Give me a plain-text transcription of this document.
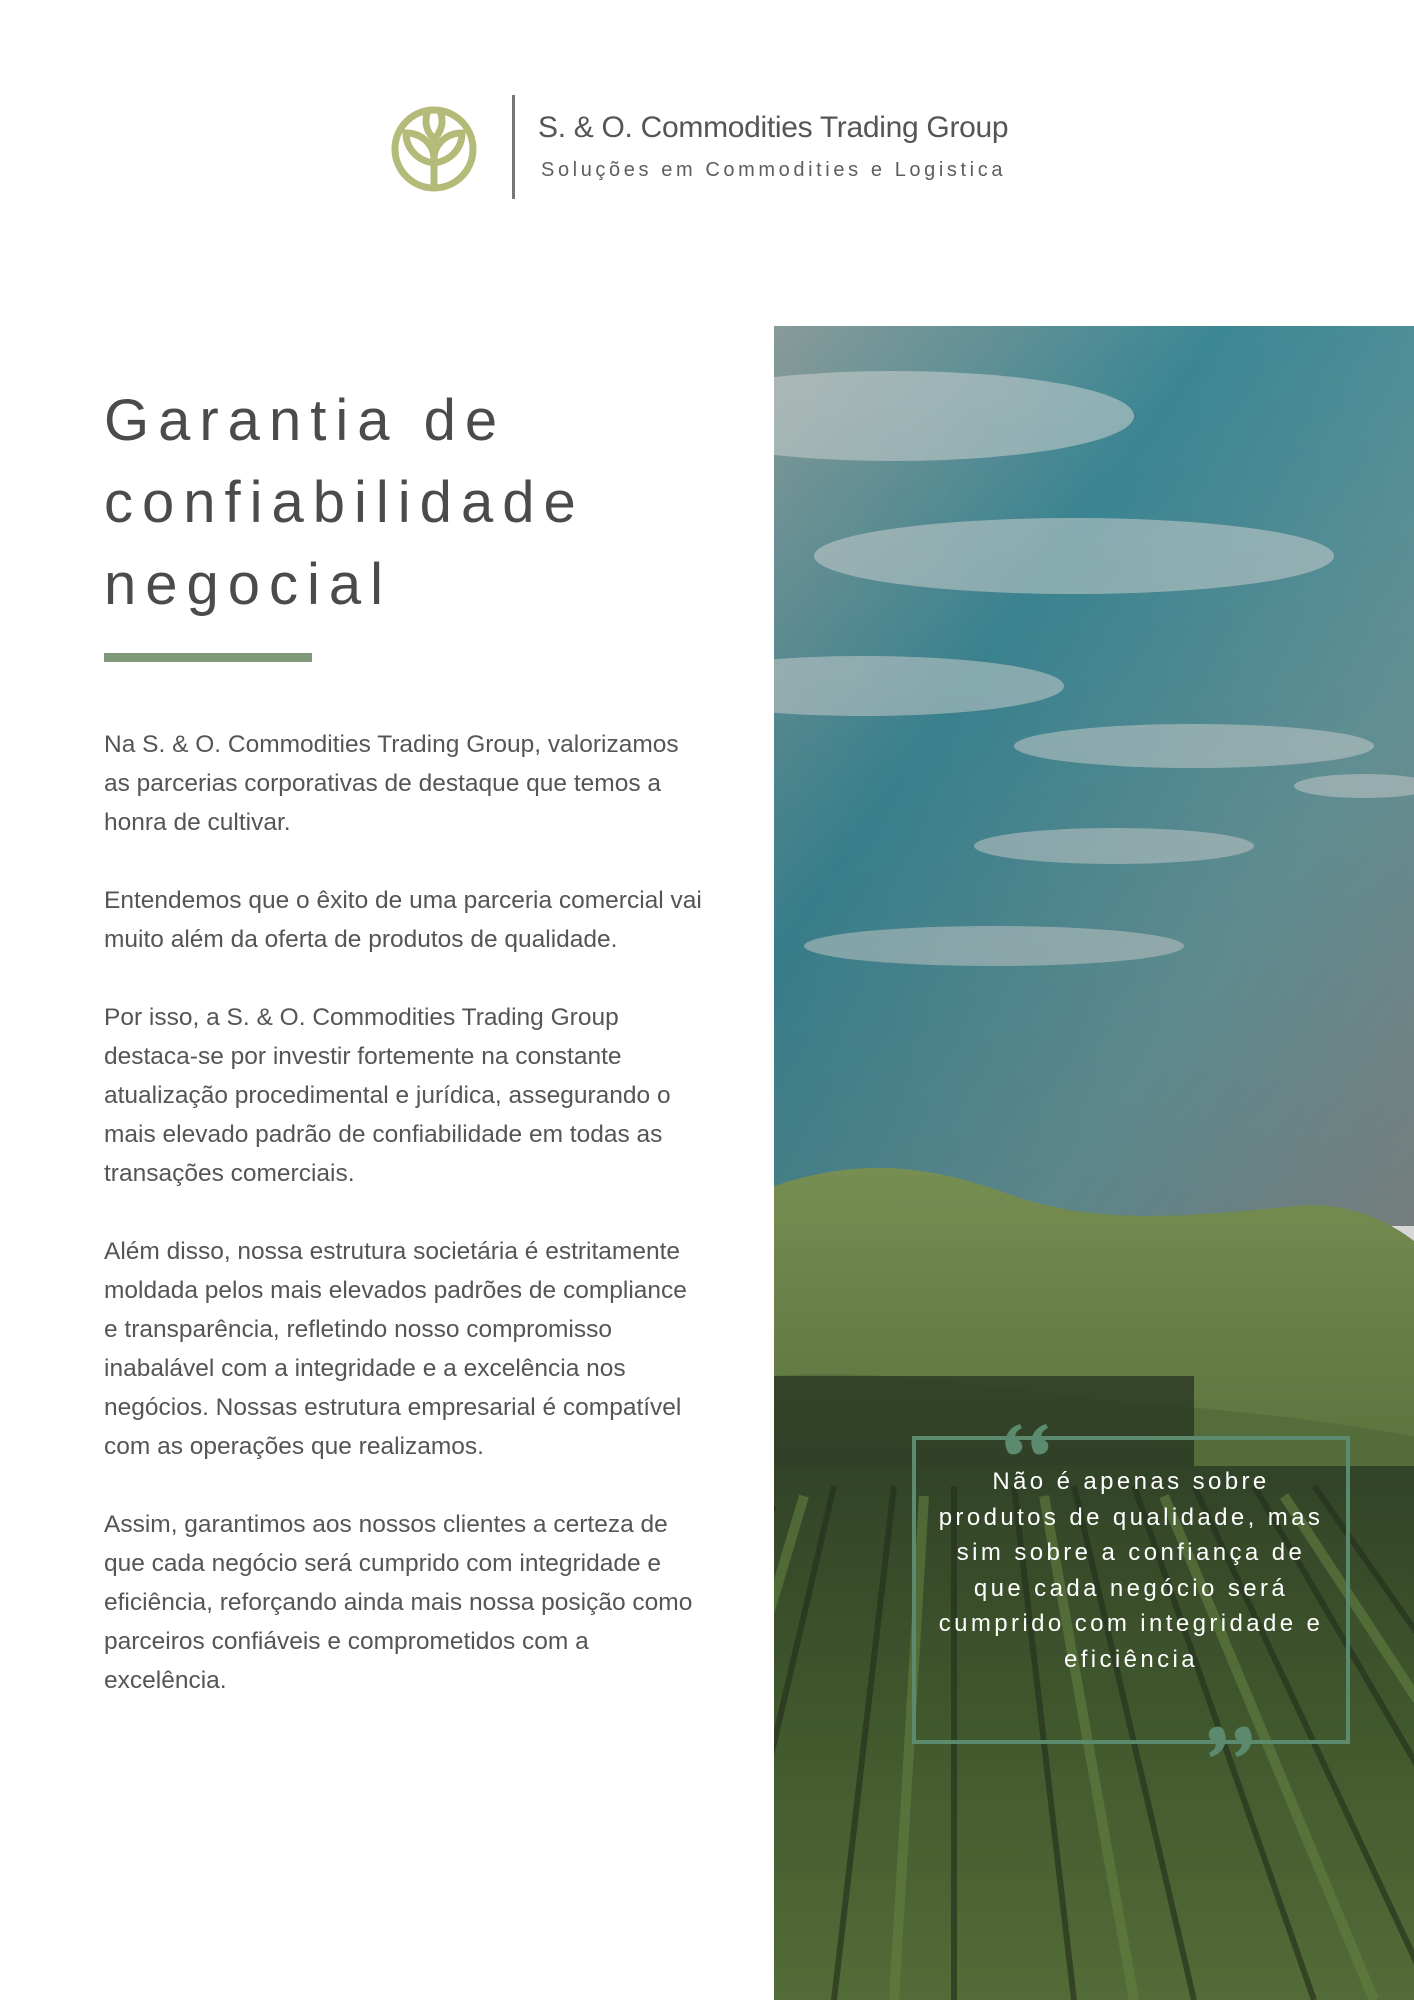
S. & O. Commodities Trading Group
Soluções em Commodities e Logistica
Garantia de confiabilidade negocial

Na S. & O. Commodities Trading Group, valorizamos as parcerias corporativas de destaque que temos a honra de cultivar.

Entendemos que o êxito de uma parceria comercial vai muito além da oferta de produtos de qualidade.

Por isso, a S. & O. Commodities Trading Group destaca-se por investir fortemente na constante atualização procedimental e jurídica, assegurando o mais elevado padrão de confiabilidade em todas as transações comerciais.

Além disso, nossa estrutura societária é estritamente moldada pelos mais elevados padrões de compliance e transparência, refletindo nosso compromisso inabalável com a integridade e a excelência nos negócios. Nossas estrutura empresarial é compatível com as operações que realizamos.

Assim, garantimos aos nossos clientes a certeza de que cada negócio será cumprido com integridade e eficiência, reforçando ainda mais nossa posição como parceiros confiáveis e comprometidos com a excelência.

Não é apenas sobre produtos de qualidade, mas sim sobre a confiança de que cada negócio será cumprido com integridade e eficiência
